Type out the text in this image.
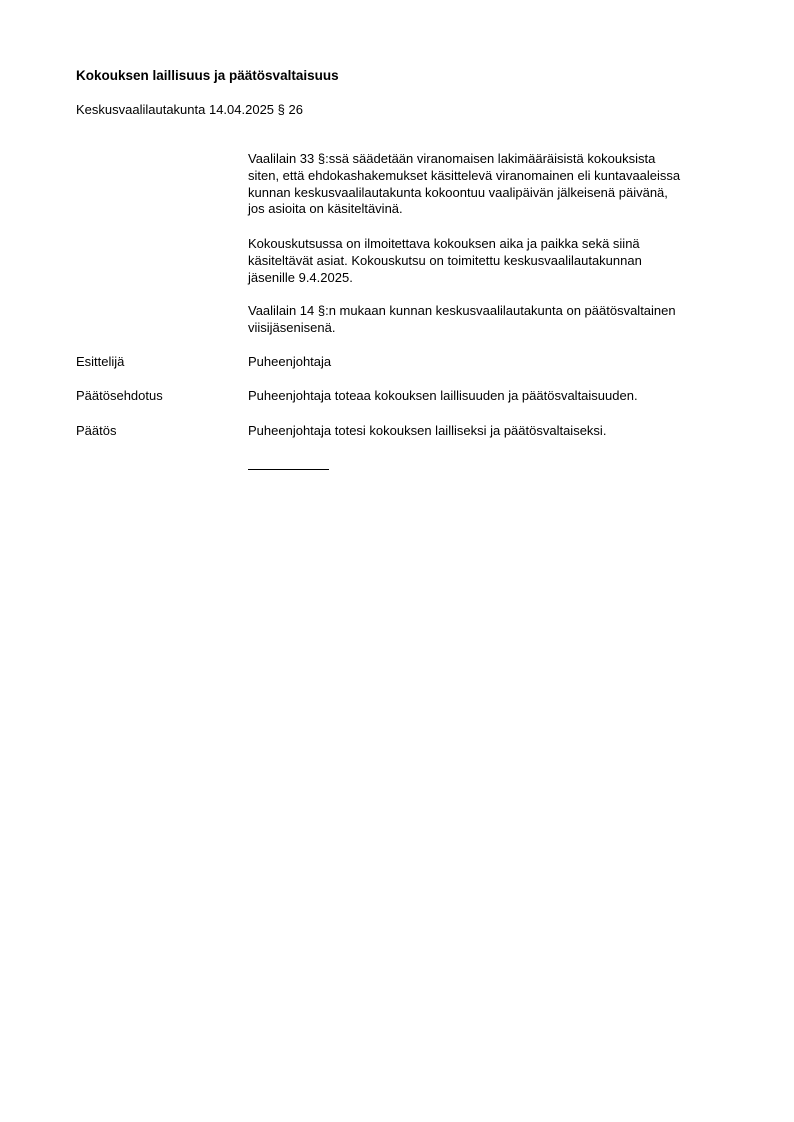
Kokouksen laillisuus ja päätösvaltaisuus
Keskusvaalilautakunta 14.04.2025 § 26
Vaalilain 33 §:ssä säädetään viranomaisen lakimääräisistä kokouksista
siten, että ehdokashakemukset käsittelevä viranomainen eli kuntavaaleissa
kunnan keskusvaalilautakunta kokoontuu vaalipäivän jälkeisenä päivänä,
jos asioita on käsiteltävinä.
Kokouskutsussa on ilmoitettava kokouksen aika ja paikka sekä siinä
käsiteltävät asiat. Kokouskutsu on toimitettu keskusvaalilautakunnan
jäsenille 9.4.2025.
Vaalilain 14 §:n mukaan kunnan keskusvaalilautakunta on päätösvaltainen
viisijäsenisenä.
Esittelijä	Puheenjohtaja
Päätösehdotus	Puheenjohtaja toteaa kokouksen laillisuuden ja päätösvaltaisuuden.
Päätös	Puheenjohtaja totesi kokouksen lailliseksi ja päätösvaltaiseksi.
